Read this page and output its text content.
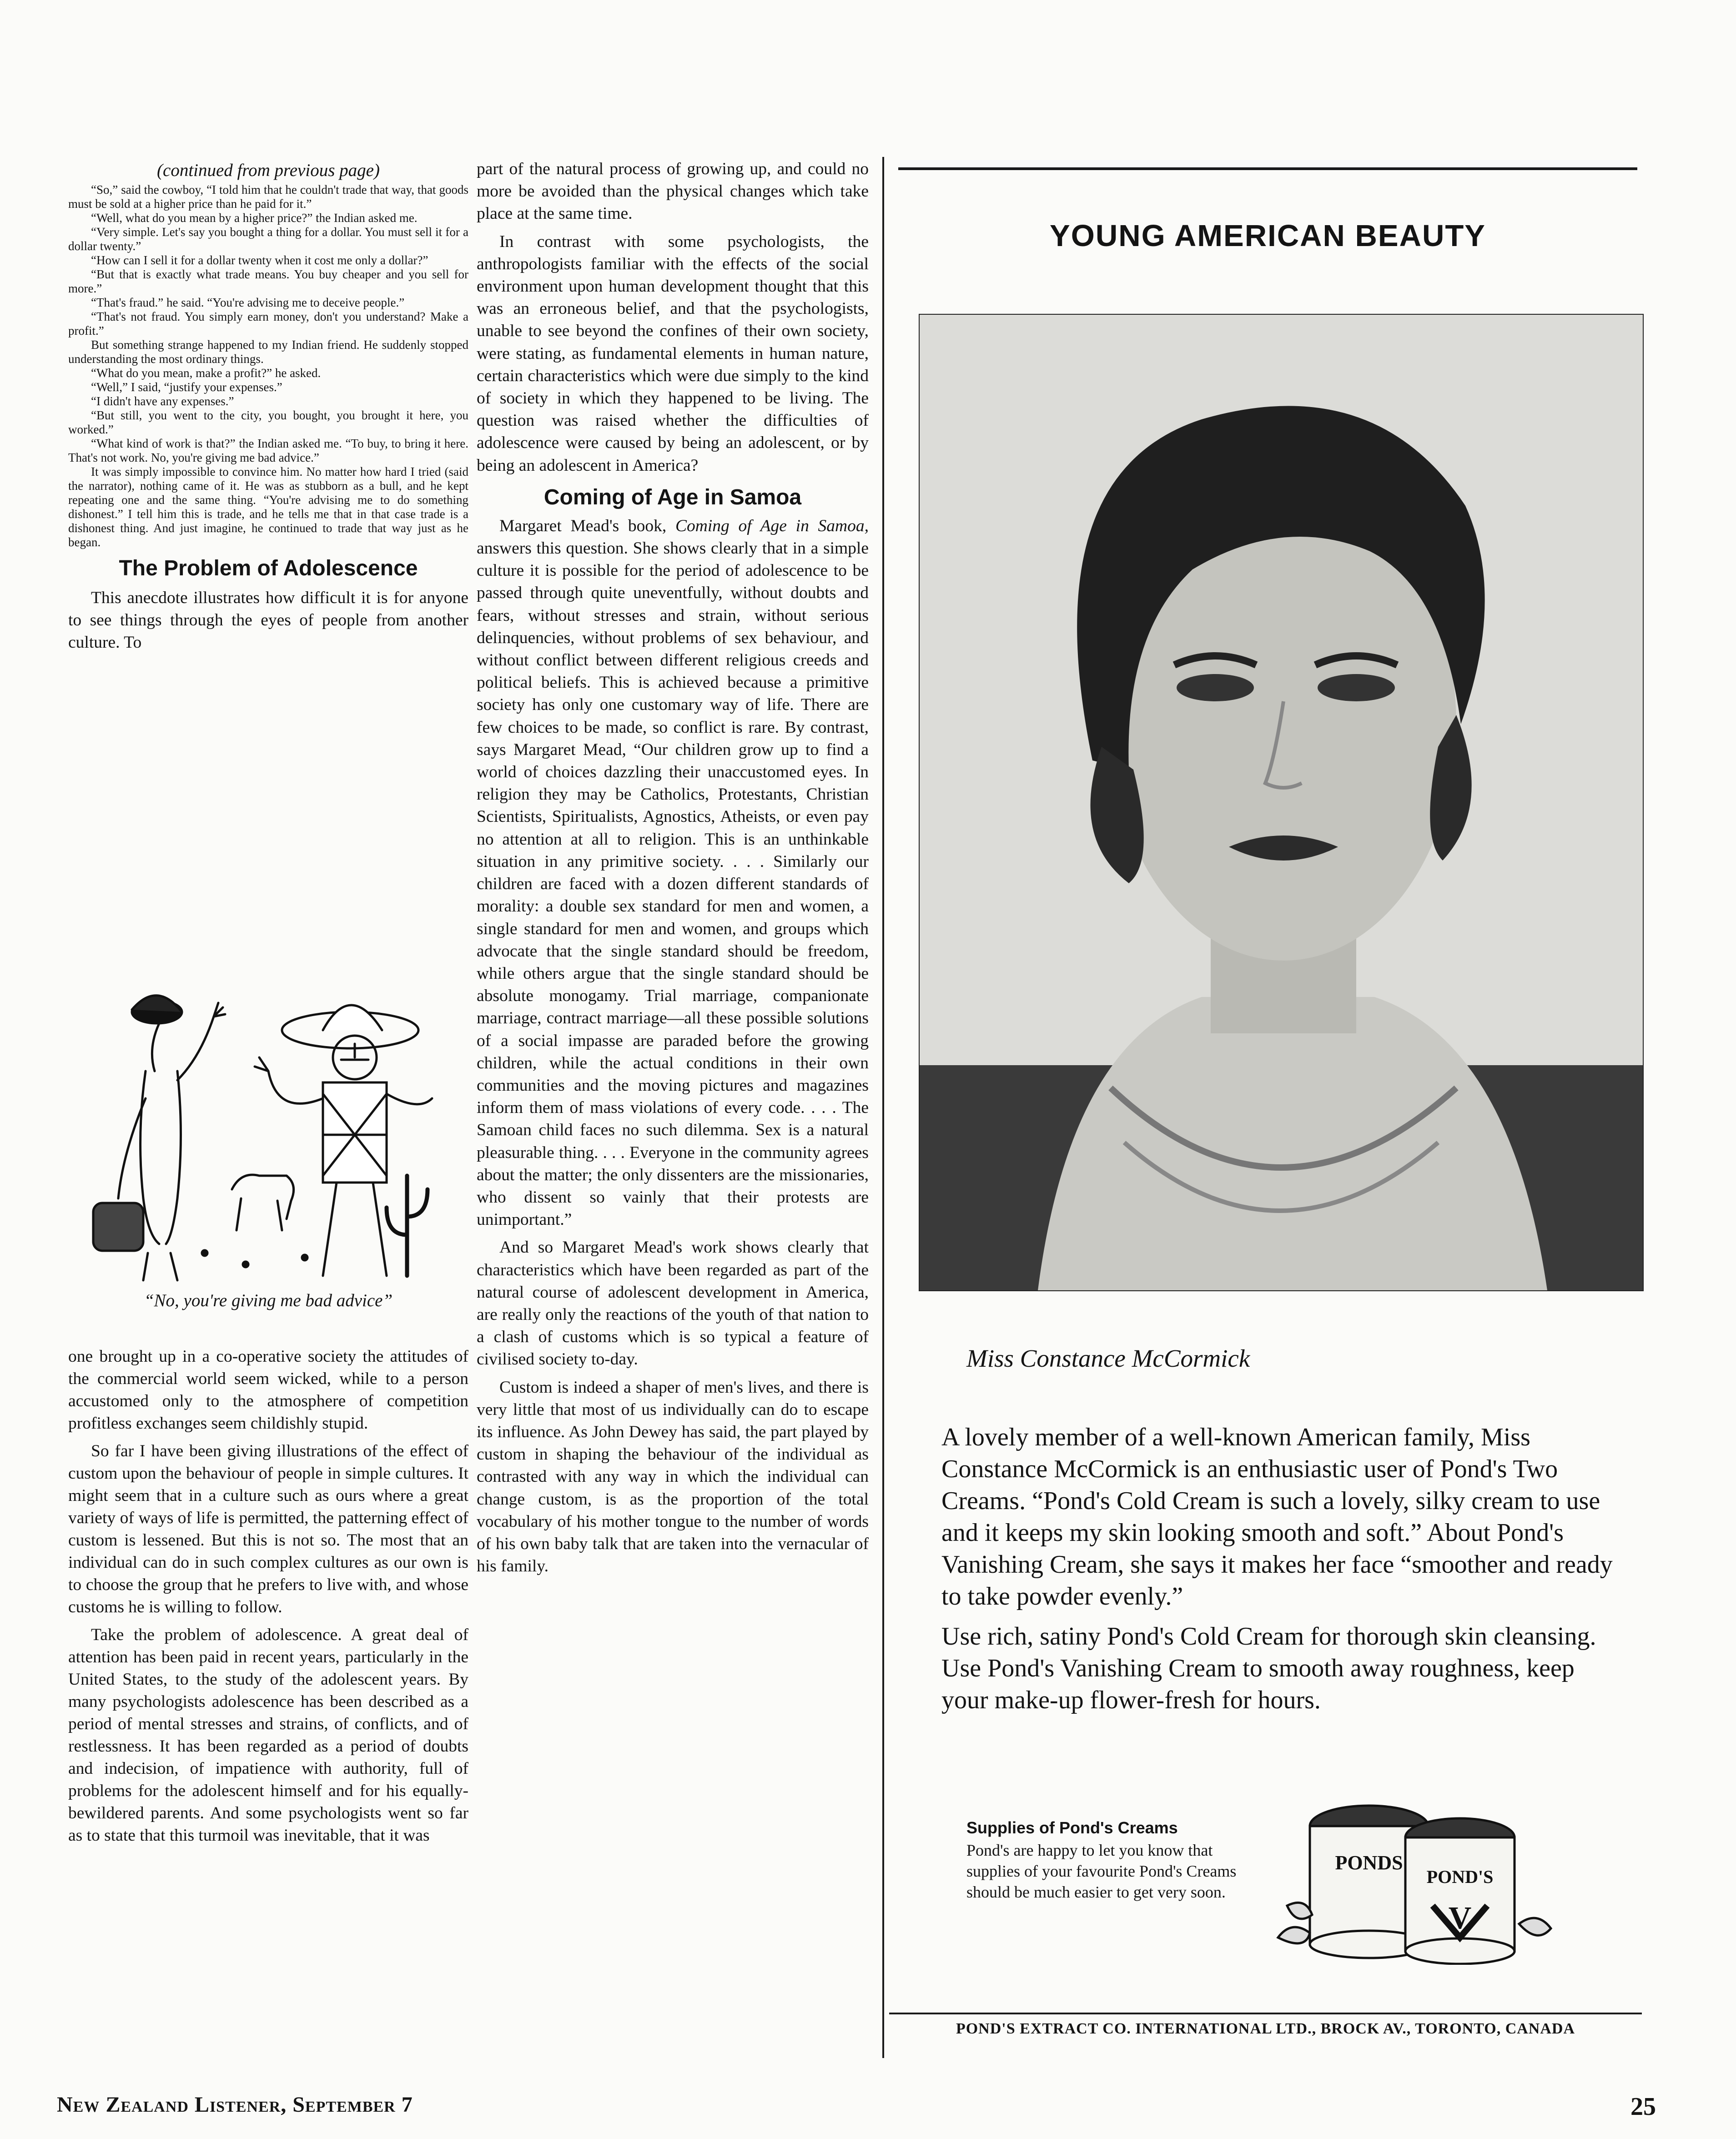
(continued from previous page)

“So,” said the cowboy, “I told him that he couldn't trade that way, that goods must be sold at a higher price than he paid for it.”

“Well, what do you mean by a higher price?” the Indian asked me.

“Very simple. Let's say you bought a thing for a dollar. You must sell it for a dollar twenty.”

“How can I sell it for a dollar twenty when it cost me only a dollar?”

“But that is exactly what trade means. You buy cheaper and you sell for more.”

“That's fraud.” he said. “You're advising me to deceive people.”

“That's not fraud. You simply earn money, don't you understand? Make a profit.”

But something strange happened to my Indian friend. He suddenly stopped understanding the most ordinary things.

“What do you mean, make a profit?” he asked.

“Well,” I said, “justify your expenses.”

“I didn't have any expenses.”

“But still, you went to the city, you bought, you brought it here, you worked.”

“What kind of work is that?” the Indian asked me. “To buy, to bring it here. That's not work. No, you're giving me bad advice.”

It was simply impossible to convince him. No matter how hard I tried (said the narrator), nothing came of it. He was as stubborn as a bull, and he kept repeating one and the same thing. “You're advising me to do something dishonest.” I tell him this is trade, and he tells me that in that case trade is a dishonest thing. And just imagine, he continued to trade that way just as he began.

The Problem of Adolescence

This anecdote illustrates how difficult it is for anyone to see things through the eyes of people from another culture. To

“No, you're giving me bad advice”

one brought up in a co-operative society the attitudes of the commercial world seem wicked, while to a person accustomed only to the atmosphere of competition profitless exchanges seem childishly stupid.

So far I have been giving illustrations of the effect of custom upon the behaviour of people in simple cultures. It might seem that in a culture such as ours where a great variety of ways of life is permitted, the patterning effect of custom is lessened. But this is not so. The most that an individual can do in such complex cultures as our own is to choose the group that he prefers to live with, and whose customs he is willing to follow.

Take the problem of adolescence. A great deal of attention has been paid in recent years, particularly in the United States, to the study of the adolescent years. By many psychologists adolescence has been described as a period of mental stresses and strains, of conflicts, and of restlessness. It has been regarded as a period of doubts and indecision, of impatience with authority, full of problems for the adolescent himself and for his equally-bewildered parents. And some psychologists went so far as to state that this turmoil was inevitable, that it was

part of the natural process of growing up, and could no more be avoided than the physical changes which take place at the same time.

In contrast with some psychologists, the anthropologists familiar with the effects of the social environment upon human development thought that this was an erroneous belief, and that the psychologists, unable to see beyond the confines of their own society, were stating, as fundamental elements in human nature, certain characteristics which were due simply to the kind of society in which they happened to be living. The question was raised whether the difficulties of adolescence were caused by being an adolescent, or by being an adolescent in America?

Coming of Age in Samoa

Margaret Mead's book, Coming of Age in Samoa, answers this question. She shows clearly that in a simple culture it is possible for the period of adolescence to be passed through quite uneventfully, without doubts and fears, without stresses and strain, without serious delinquencies, without problems of sex behaviour, and without conflict between different religious creeds and political beliefs. This is achieved because a primitive society has only one customary way of life. There are few choices to be made, so conflict is rare. By contrast, says Margaret Mead, “Our children grow up to find a world of choices dazzling their unaccustomed eyes. In religion they may be Catholics, Protestants, Christian Scientists, Spiritualists, Agnostics, Atheists, or even pay no attention at all to religion. This is an unthinkable situation in any primitive society. . . . Similarly our children are faced with a dozen different standards of morality: a double sex standard for men and women, a single standard for men and women, and groups which advocate that the single standard should be freedom, while others argue that the single standard should be absolute monogamy. Trial marriage, companionate marriage, contract marriage—all these possible solutions of a social impasse are paraded before the growing children, while the actual conditions in their own communities and the moving pictures and magazines inform them of mass violations of every code. . . . The Samoan child faces no such dilemma. Sex is a natural pleasurable thing. . . . Everyone in the community agrees about the matter; the only dissenters are the missionaries, who dissent so vainly that their protests are unimportant.”

And so Margaret Mead's work shows clearly that characteristics which have been regarded as part of the natural course of adolescent development in America, are really only the reactions of the youth of that nation to a clash of customs which is so typical a feature of civilised society to-day.

Custom is indeed a shaper of men's lives, and there is very little that most of us individually can do to escape its influence. As John Dewey has said, the part played by custom in shaping the behaviour of the individual as contrasted with any way in which the individual can change custom, is as the proportion of the total vocabulary of his mother tongue to the number of words of his own baby talk that are taken into the vernacular of his family.

YOUNG AMERICAN BEAUTY
Miss Constance McCormick

A lovely member of a well-known American family, Miss Constance McCormick is an enthusiastic user of Pond's Two Creams. “Pond's Cold Cream is such a lovely, silky cream to use and it keeps my skin looking smooth and soft.” About Pond's Vanishing Cream, she says it makes her face “smoother and ready to take powder evenly.”

Use rich, satiny Pond's Cold Cream for thorough skin cleansing. Use Pond's Vanishing Cream to smooth away roughness, keep your make-up flower-fresh for hours.

Supplies of Pond's Creams
Pond's are happy to let you know that supplies of your favourite Pond's Creams should be much easier to get very soon.
PONDS
POND'S
V
POND'S EXTRACT CO. INTERNATIONAL LTD., BROCK AV., TORONTO, CANADA
New Zealand Listener, September 7	25
